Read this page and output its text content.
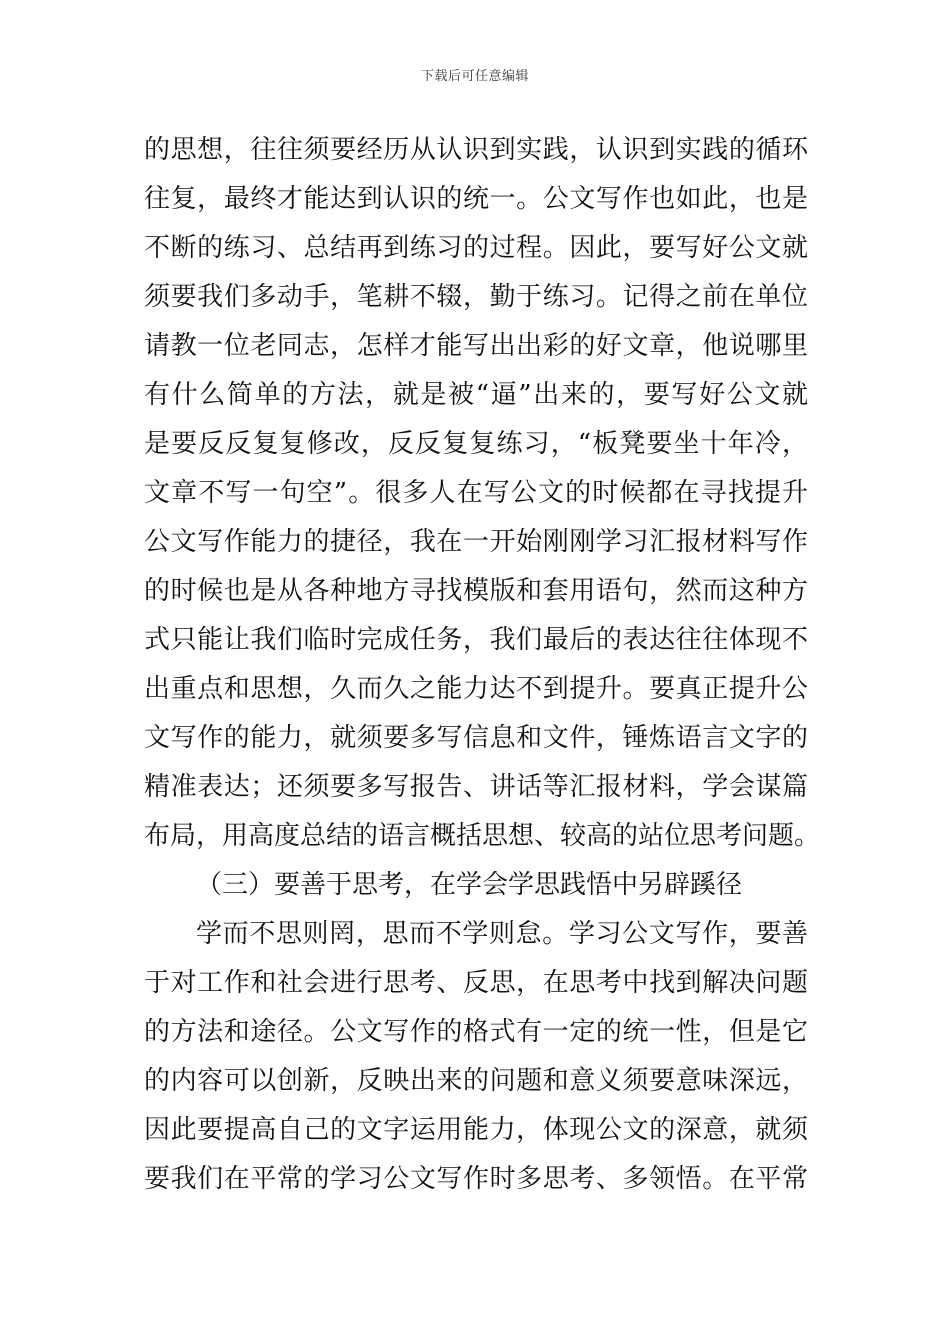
下载后可任意编辑
的思想，往往须要经历从认识到实践，认识到实践的循环
往复，最终才能达到认识的统一。公文写作也如此，也是
不断的练习、总结再到练习的过程。因此，要写好公文就
须要我们多动手，笔耕不辍，勤于练习。记得之前在单位
请教一位老同志，怎样才能写出出彩的好文章，他说哪里
有什么简单的方法，就是被“逼”出来的，要写好公文就
是要反反复复修改，反反复复练习，“板凳要坐十年冷，
文章不写一句空”。很多人在写公文的时候都在寻找提升
公文写作能力的捷径，我在一开始刚刚学习汇报材料写作
的时候也是从各种地方寻找模版和套用语句，然而这种方
式只能让我们临时完成任务，我们最后的表达往往体现不
出重点和思想，久而久之能力达不到提升。要真正提升公
文写作的能力，就须要多写信息和文件，锤炼语言文字的
精准表达；还须要多写报告、讲话等汇报材料，学会谋篇
布局，用高度总结的语言概括思想、较高的站位思考问题。
（三）要善于思考，在学会学思践悟中另辟蹊径
学而不思则罔，思而不学则怠。学习公文写作，要善
于对工作和社会进行思考、反思，在思考中找到解决问题
的方法和途径。公文写作的格式有一定的统一性，但是它
的内容可以创新，反映出来的问题和意义须要意味深远，
因此要提高自己的文字运用能力，体现公文的深意，就须
要我们在平常的学习公文写作时多思考、多领悟。在平常
